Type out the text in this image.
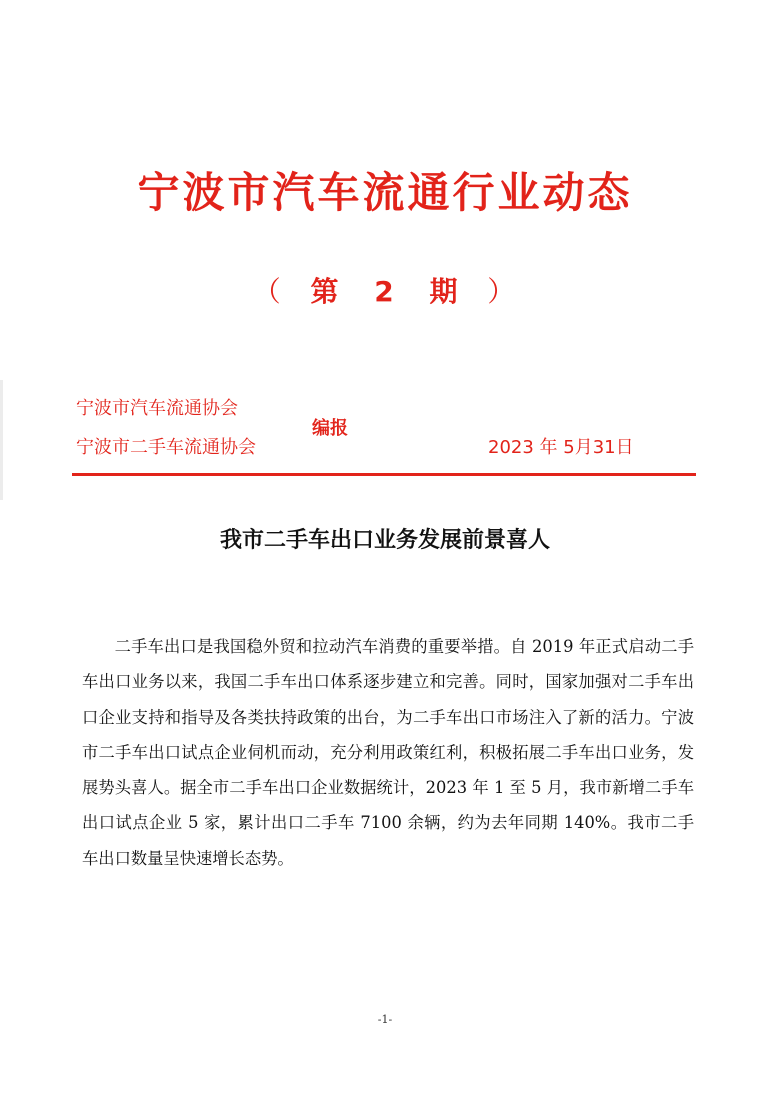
宁波市汽车流通行业动态
（ 第 2 期 ）
宁波市汽车流通协会
宁波市二手车流通协会
编报
2023 年 5月31日
我市二手车出口业务发展前景喜人

二手车出口是我国稳外贸和拉动汽车消费的重要举措。自 2019 年正式启动二手车出口业务以来，我国二手车出口体系逐步建立和完善。同时，国家加强对二手车出口企业支持和指导及各类扶持政策的出台，为二手车出口市场注入了新的活力。宁波市二手车出口试点企业伺机而动，充分利用政策红利，积极拓展二手车出口业务，发展势头喜人。据全市二手车出口企业数据统计，2023 年 1 至 5 月，我市新增二手车出口试点企业 5 家，累计出口二手车 7100 余辆，约为去年同期 140%。我市二手车出口数量呈快速增长态势。

-1-
